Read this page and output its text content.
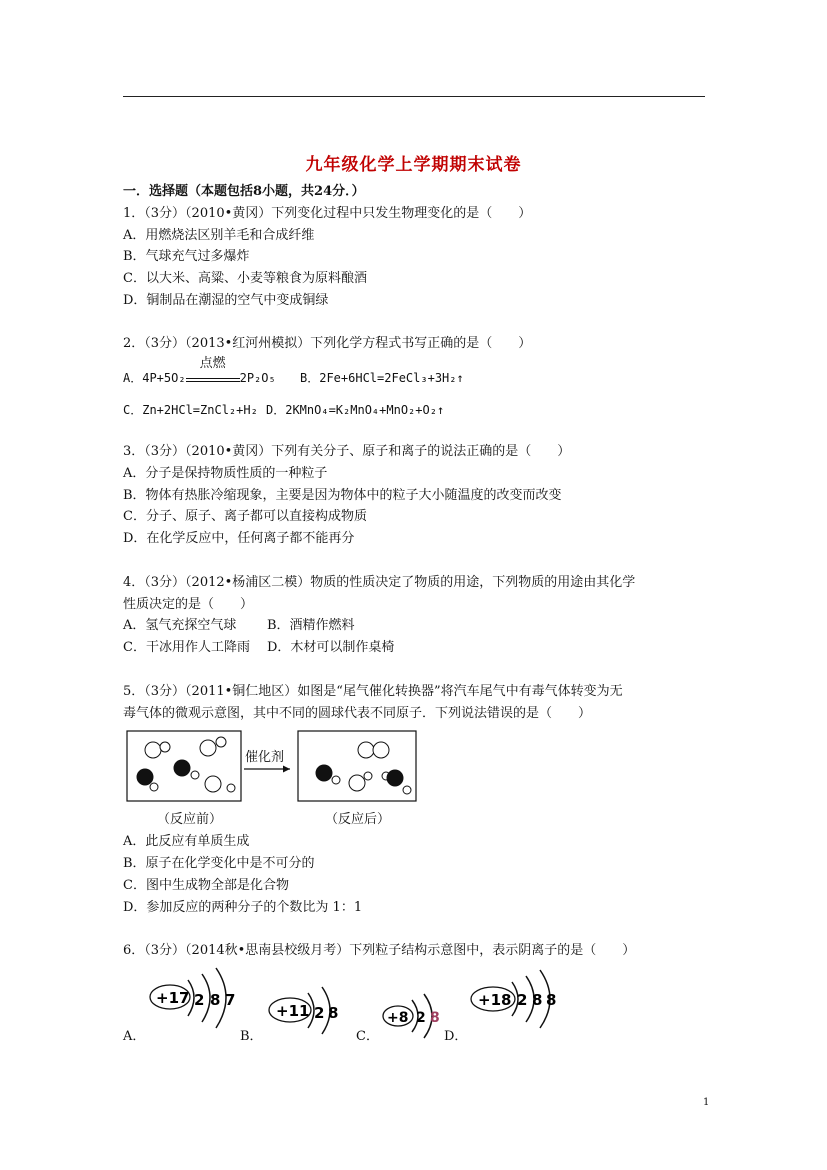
九年级化学上学期期末试卷
一．选择题（本题包括8小题，共24分．）
1．（3分）（2010•黄冈）下列变化过程中只发生物理变化的是（　　）
A．用燃烧法区别羊毛和合成纤维
B．气球充气过多爆炸
C．以大米、高粱、小麦等粮食为原料酿酒
D．铜制品在潮湿的空气中变成铜绿
2．（3分）（2013•红河州模拟）下列化学方程式书写正确的是（　　）
A．4P+5O₂
点燃
2P₂O₅ B．2Fe+6HCl=2FeCl₃+3H₂↑
C．Zn+2HCl=ZnCl₂+H₂ D．2KMnO₄=K₂MnO₄+MnO₂+O₂↑
3．（3分）（2010•黄冈）下列有关分子、原子和离子的说法正确的是（　　）
A．分子是保持物质性质的一种粒子
B．物体有热胀冷缩现象，主要是因为物体中的粒子大小随温度的改变而改变
C．分子、原子、离子都可以直接构成物质
D．在化学反应中，任何离子都不能再分
4．（3分）（2012•杨浦区二模）物质的性质决定了物质的用途，下列物质的用途由其化学
性质决定的是（　　）
A．氢气充探空气球 B．酒精作燃料
C．干冰用作人工降雨 D．木材可以制作桌椅
5．（3分）（2011•铜仁地区）如图是“尾气催化转换器”将汽车尾气中有毒气体转变为无
毒气体的微观示意图，其中不同的圆球代表不同原子．下列说法错误的是（　　）
催化剂
（反应前）	（反应后）
A．此反应有单质生成
B．原子在化学变化中是不可分的
C．图中生成物全部是化合物
D．参加反应的两种分子的个数比为 1：1
6．（3分）（2014秋•思南县校级月考）下列粒子结构示意图中，表示阴离子的是（　　）
+17 2 8 7
+11 2 8	+8 2 8
+18 2 8 8
A．	B．	C．	D．
1
